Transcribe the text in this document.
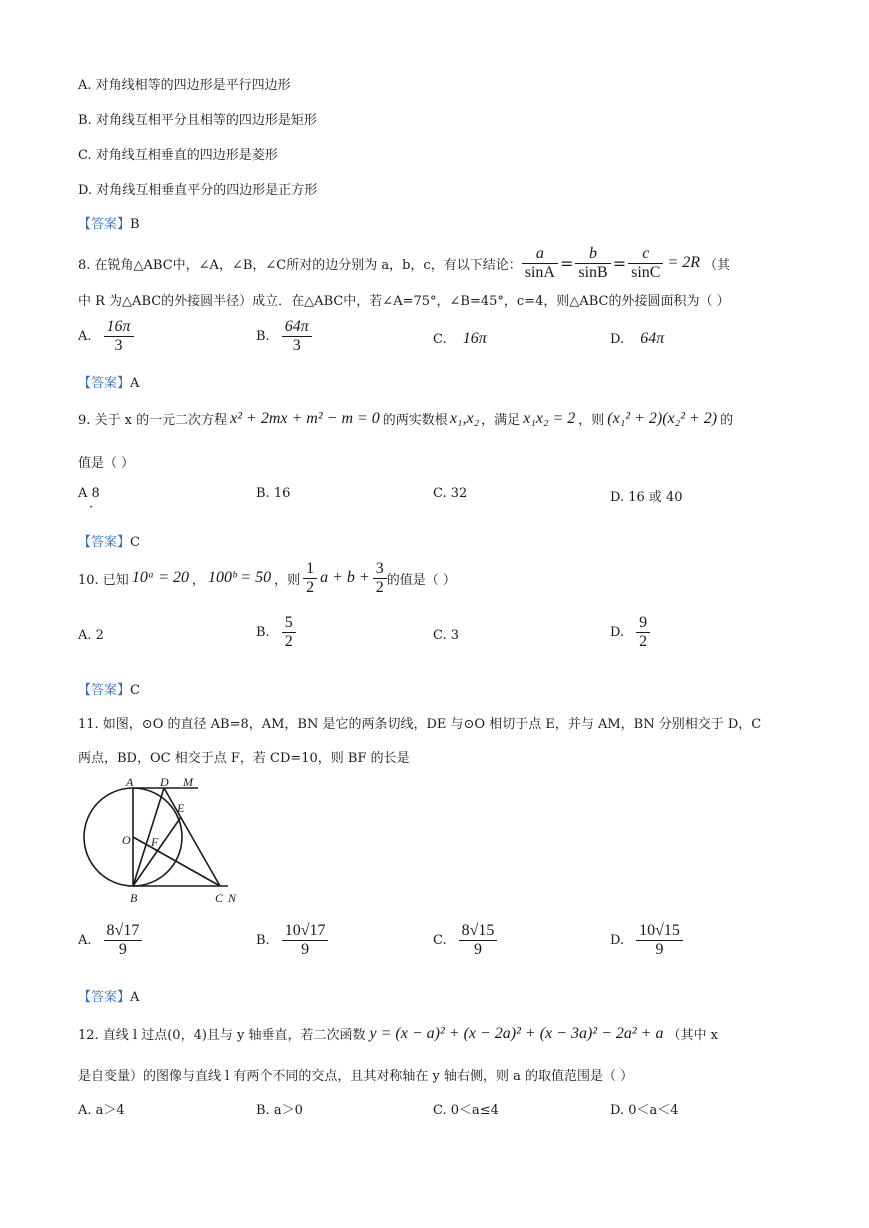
A. 对角线相等的四边形是平行四边形
B. 对角线互相平分且相等的四边形是矩形
C. 对角线互相垂直的四边形是菱形
D. 对角线互相垂直平分的四边形是正方形
【答案】B
8. 在锐角△ABC中，∠A，∠B，∠C所对的边分别为 a，b，c，有以下结论： $\frac{a}{\sin A} = \frac{b}{\sin B} = \frac{c}{\sin C} = 2R$ （其
中 R 为△ABC的外接圆半径）成立．在△ABC中，若∠A=75°，∠B=45°，c=4，则△ABC的外接圆面积为（ ）
A. $\frac{16\pi}{3}$	B. $\frac{64\pi}{3}$	C. 16π	D. 64π
【答案】A
9. 关于 x 的一元二次方程 x² + 2mx + m² − m = 0 的两实数根 x₁,x₂ ，满足 x₁x₂ = 2 ，则 (x₁² + 2)(x₂² + 2) 的
值是（ ）
A 8
·
B. 16	C. 32	D. 16 或 40
【答案】C
10. 已知 10ᵃ = 20 ， 100ᵇ = 50 ，则 $\frac{1}{2}$ $a + b + \frac{3}{2}$ 的值是（ ）
A. 2	B. $\frac{5}{2}$	C. 3	D. $\frac{9}{2}$
【答案】C
11. 如图，⊙O 的直径 AB=8，AM，BN 是它的两条切线，DE 与⊙O 相切于点 E，并与 AM，BN 分别相交于 D，C
两点，BD，OC 相交于点 F，若 CD=10，则 BF 的长是
A D M
E
O F
B	C N
A. $\frac{8√17}{9}$	B. $\frac{10√17}{9}$	C. $\frac{8√15}{9}$	D. $\frac{10√15}{9}$
【答案】A
12. 直线 l 过点(0，4)且与 y 轴垂直，若二次函数 y = (x − a)² + (x − 2a)² + (x − 3a)² − 2a² + a （其中 x
是自变量）的图像与直线 l 有两个不同的交点，且其对称轴在 y 轴右侧，则 a 的取值范围是（ ）
A. a＞4	B. a＞0	C. 0＜a≤4	D. 0＜a＜4
